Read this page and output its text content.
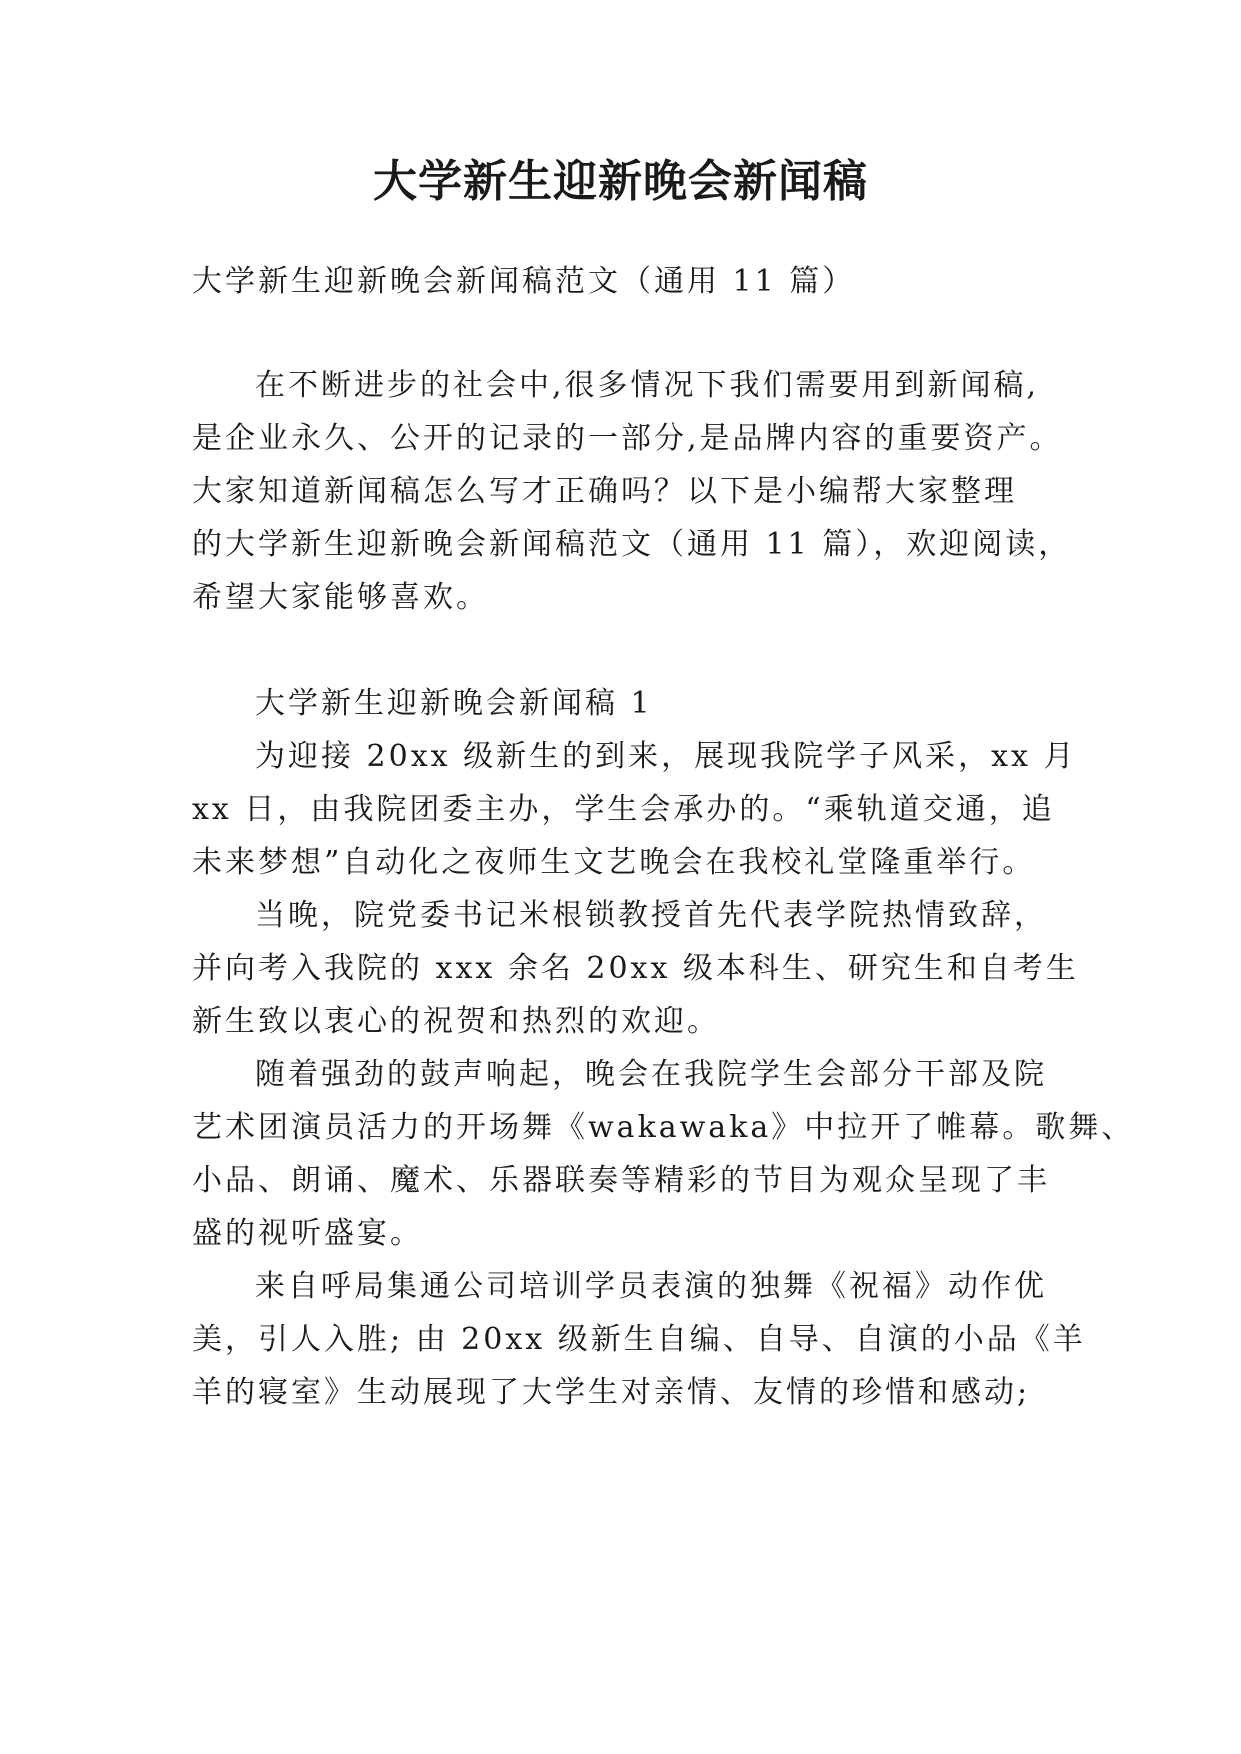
大学新生迎新晚会新闻稿

大学新生迎新晚会新闻稿范文（通用 11 篇）

在不断进步的社会中,很多情况下我们需要用到新闻稿,

是企业永久、公开的记录的一部分,是品牌内容的重要资产。

大家知道新闻稿怎么写才正确吗？以下是小编帮大家整理

的大学新生迎新晚会新闻稿范文（通用 11 篇），欢迎阅读，

希望大家能够喜欢。

大学新生迎新晚会新闻稿 1

为迎接 20xx 级新生的到来，展现我院学子风采，xx 月

xx 日，由我院团委主办，学生会承办的。“乘轨道交通，追

未来梦想”自动化之夜师生文艺晚会在我校礼堂隆重举行。

当晚，院党委书记米根锁教授首先代表学院热情致辞，

并向考入我院的 xxx 余名 20xx 级本科生、研究生和自考生

新生致以衷心的祝贺和热烈的欢迎。

随着强劲的鼓声响起，晚会在我院学生会部分干部及院

艺术团演员活力的开场舞《wakawaka》中拉开了帷幕。歌舞、

小品、朗诵、魔术、乐器联奏等精彩的节目为观众呈现了丰

盛的视听盛宴。

来自呼局集通公司培训学员表演的独舞《祝福》动作优

美，引人入胜; 由 20xx 级新生自编、自导、自演的小品《羊

羊的寝室》生动展现了大学生对亲情、友情的珍惜和感动;
